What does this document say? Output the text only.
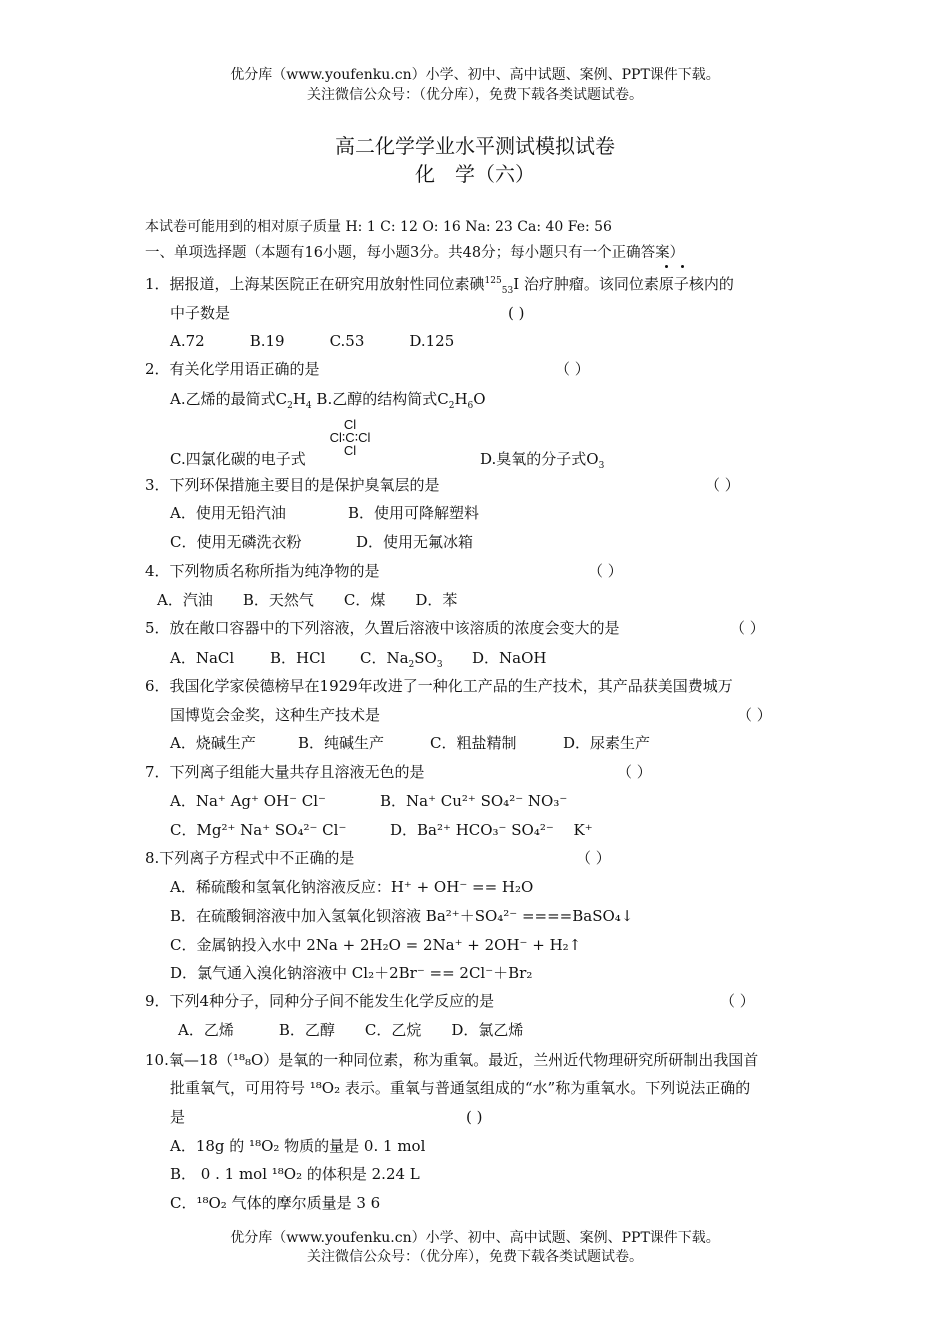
优分库（www.youfenku.cn）小学、初中、高中试题、案例、PPT课件下载。
关注微信公众号：（优分库），免费下载各类试题试卷。
高二化学学业水平测试模拟试卷
化　学（六）
本试卷可能用到的相对原子质量 H: 1 C: 12 O: 16 Na: 23 Ca: 40 Fe: 56
一、单项选择题（本题有16小题，每小题3分。共48分；每小题只有一个正确答案）
1．据报道，上海某医院正在研究用放射性同位素碘$^{125}_{53}$I 治疗肿瘤。该同位素原子核内的
中子数是	( )
A.72　　　B.19　　　C.53　　　D.125
2．有关化学用语正确的是	（ ）
A.乙烯的最简式$C_2H_4$ B.乙醇的结构简式$C_2H_6O$
Cl
Cl∶C∶Cl
Cl
C.四氯化碳的电子式	D.臭氧的分子式$O_3$
3．下列环保措施主要目的是保护臭氧层的是	（ ）
A．使用无铅汽油	B．使用可降解塑料
C．使用无磷洗衣粉	D．使用无氟冰箱
4．下列物质名称所指为纯净物的是	（ ）
A．汽油　　B．天然气　　C．煤　　D．苯
5．放在敞口容器中的下列溶液，久置后溶液中该溶质的浓度会变大的是	（ ）
A．NaCl B．HCl C．$Na_2SO_3$ D．NaOH
6．我国化学家侯德榜早在1929年改进了一种化工产品的生产技术，其产品获美国费城万
国博览会金奖，这种生产技术是	（ ）
A．烧碱生产	B．纯碱生产	C．粗盐精制	D．尿素生产
7．下列离子组能大量共存且溶液无色的是	（ ）
A．Na⁺ Ag⁺ OH⁻ Cl⁻	B．Na⁺ Cu²⁺ SO₄²⁻ NO₃⁻
C．Mg²⁺ Na⁺ SO₄²⁻ Cl⁻	D．Ba²⁺ HCO₃⁻ SO₄²⁻　 K⁺
8.下列离子方程式中不正确的是	（ ）
A．稀硫酸和氢氧化钠溶液反应：H⁺ + OH⁻ == H₂O
B．在硫酸铜溶液中加入氢氧化钡溶液 Ba²⁺＋SO₄²⁻ ====BaSO₄↓
C．金属钠投入水中 2Na + 2H₂O = 2Na⁺ + 2OH⁻ + H₂↑
D．氯气通入溴化钠溶液中 Cl₂＋2Br⁻ == 2Cl⁻＋Br₂
9．下列4种分子，同种分子间不能发生化学反应的是	（ ）
A．乙烯　　　B．乙醇　　C．乙烷　　D．氯乙烯
10.氧—18（¹⁸₈O）是氧的一种同位素，称为重氧。最近，兰州近代物理研究所研制出我国首
批重氧气，可用符号 ¹⁸O₂ 表示。重氧与普通氢组成的“水”称为重氧水。下列说法正确的
是	( )
A．18g 的 ¹⁸O₂ 物质的量是 0. 1 mol
B． 0 . 1 mol ¹⁸O₂ 的体积是 2.24 L
C．¹⁸O₂ 气体的摩尔质量是 3 6
优分库（www.youfenku.cn）小学、初中、高中试题、案例、PPT课件下载。
关注微信公众号：（优分库），免费下载各类试题试卷。
